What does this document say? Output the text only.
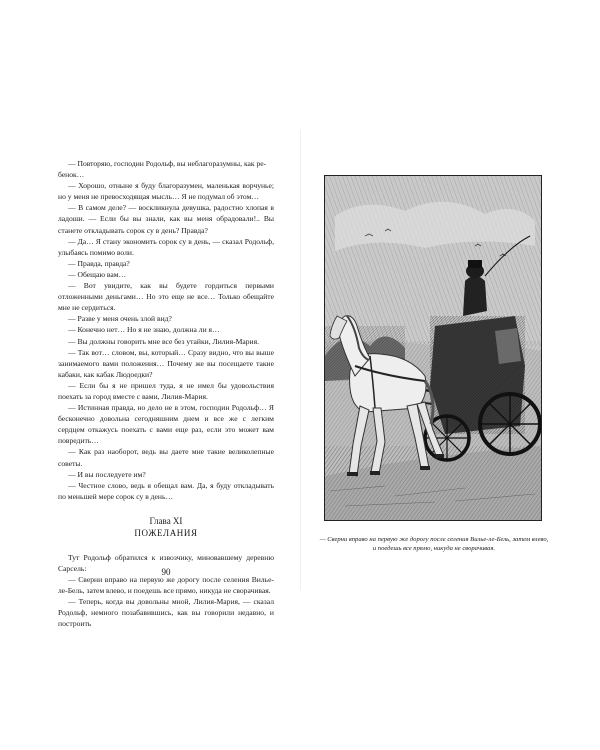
— Повторяю, господин Родольф, вы неблагоразумны, как ре-

бенок…

— Хорошо, отныне я буду благоразумен, маленькая ворчунье; но у меня не превосходящая мысль… Я не подумал об этом…

— В самом деле? — воскликнула девушка, радостно хлопая в ладоши. — Если бы вы знали, как вы меня обрадовали!.. Вы станете откладывать сорок су в день? Правда?

— Да… Я стану экономить сорок су в день, — сказал Родольф, улыбаясь помимо воли.

— Правда, правда?

— Обещаю вам…

— Вот увидите, как вы будете гордиться первыми отложенными деньгами… Но это еще не все… Только обещайте мне не сердиться.

— Разве у меня очень злой вид?

— Конечно нет… Но я не знаю, должна ли я…

— Вы должны говорить мне все без утайки, Лилия-Мария.

— Так вот… словом, вы, который… Сразу видно, что вы выше занимаемого вами положения… Почему же вы посещаете такие кабаки, как кабак Людоедки?

— Если бы я не пришел туда, я не имел бы удовольствия поехать за город вместе с вами, Лилия-Мария.

— Истинная правда, но дело не в этом, господин Родольф… Я бесконечно довольна сегодняшним днем и все же с легким сердцем откажусь поехать с вами еще раз, если это может вам повредить…

— Как раз наоборот, ведь вы даете мне такие великолепные советы.

— И вы последуете им?

— Честное слово, ведь я обещал вам. Да, я буду откладывать по меньшей мере сорок су в день…

Глава XI
ПОЖЕЛАНИЯ

Тут Родольф обратился к извозчику, миновавшему деревню Сарсель:

— Сверни вправо на первую же дорогу после селения Вилье-ле-Бель, затем влево, и поедешь все прямо, никуда не сворачивая.

— Теперь, когда вы довольны мной, Лилия-Мария, — сказал Родольф, немного позабавившись, как вы говорили недавно, и построить

90
— Сверни вправо на первую же дорогу после селения Вилье-ле-Бель, затем влево, и поедешь все прямо, никуда не сворачивая.
